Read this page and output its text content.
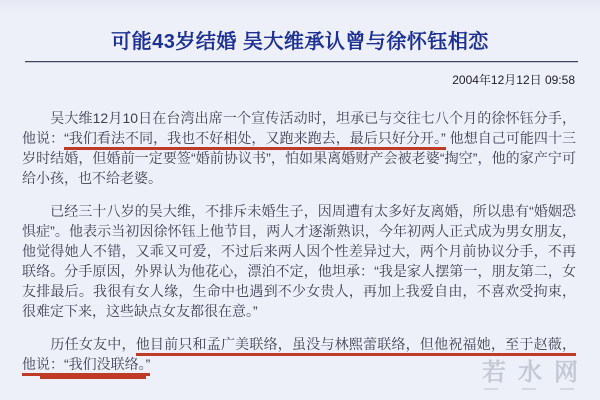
可能43岁结婚 吴大维承认曾与徐怀钰相恋
2004年12月12日 09:58

　　吴大维12月10日在台湾出席一个宣传活动时，坦承已与交往七八个月的徐怀钰分手，他说：“我们看法不同，我也不好相处，又跑来跑去，最后只好分开。” 他想自己可能四十三岁时结婚，但婚前一定要签“婚前协议书”，怕如果离婚财产会被老婆“掏空”，他的家产宁可给小孩，也不给老婆。

　　已经三十八岁的吴大维，不排斥未婚生子，因周遭有太多好友离婚，所以患有“婚姻恐惧症”。他表示当初因徐怀钰上他节目，两人才逐渐熟识，今年初两人正式成为男女朋友，他觉得她人不错，又乖又可爱，不过后来两人因个性差异过大，两个月前协议分手，不再联络。分手原因，外界认为他花心，漂泊不定，他坦承：“我是家人摆第一，朋友第二，女友排最后。我很有女人缘，生命中也遇到不少女贵人，再加上我爱自由，不喜欢受拘束，很难定下来，这些缺点女友都很在意。”

　　历任女友中，他目前只和孟广美联络，虽没与林熙蕾联络，但他祝福她，至于赵薇，他说：“我们没联络。”	若水网
